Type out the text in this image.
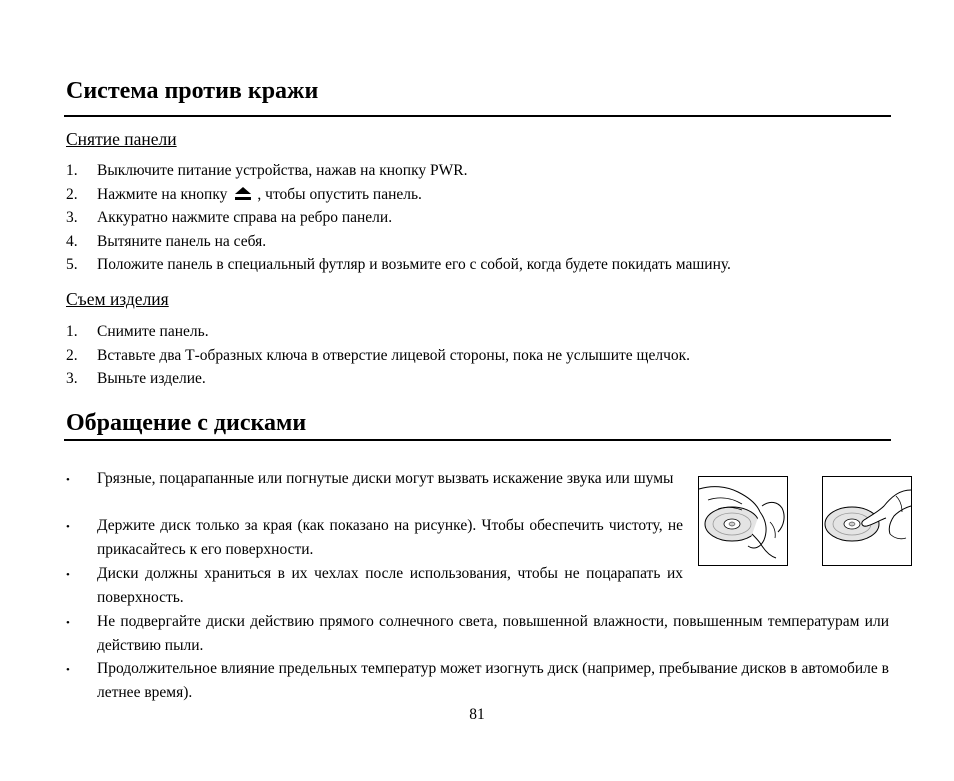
Система против кражи
Снятие панели
1. Выключите питание устройства, нажав на кнопку PWR.
2. Нажмите на кнопку , чтобы опустить панель.
3. Аккуратно нажмите справа на ребро панели.
4. Вытяните панель на себя.
5. Положите панель в специальный футляр и возьмите его с собой, когда будете покидать машину.
Съем изделия
1. Снимите панель.
2. Вставьте два Т-образных ключа в отверстие лицевой стороны, пока не услышите щелчок.
3. Выньте изделие.
Обращение с дисками
• Грязные, поцарапанные или погнутые диски могут вызвать искажение звука или шумы
• Держите диск только за края (как показано на рисунке). Чтобы обеспечить чистоту, не прикасайтесь к его поверхности.
• Диски должны храниться в их чехлах после использования, чтобы не поцарапать их поверхность.
• Не подвергайте диски действию прямого солнечного света, повышенной влажности, повышенным температурам или действию пыли.
• Продолжительное влияние предельных температур может изогнуть диск (например, пребывание дисков в автомобиле в летнее время).
81
